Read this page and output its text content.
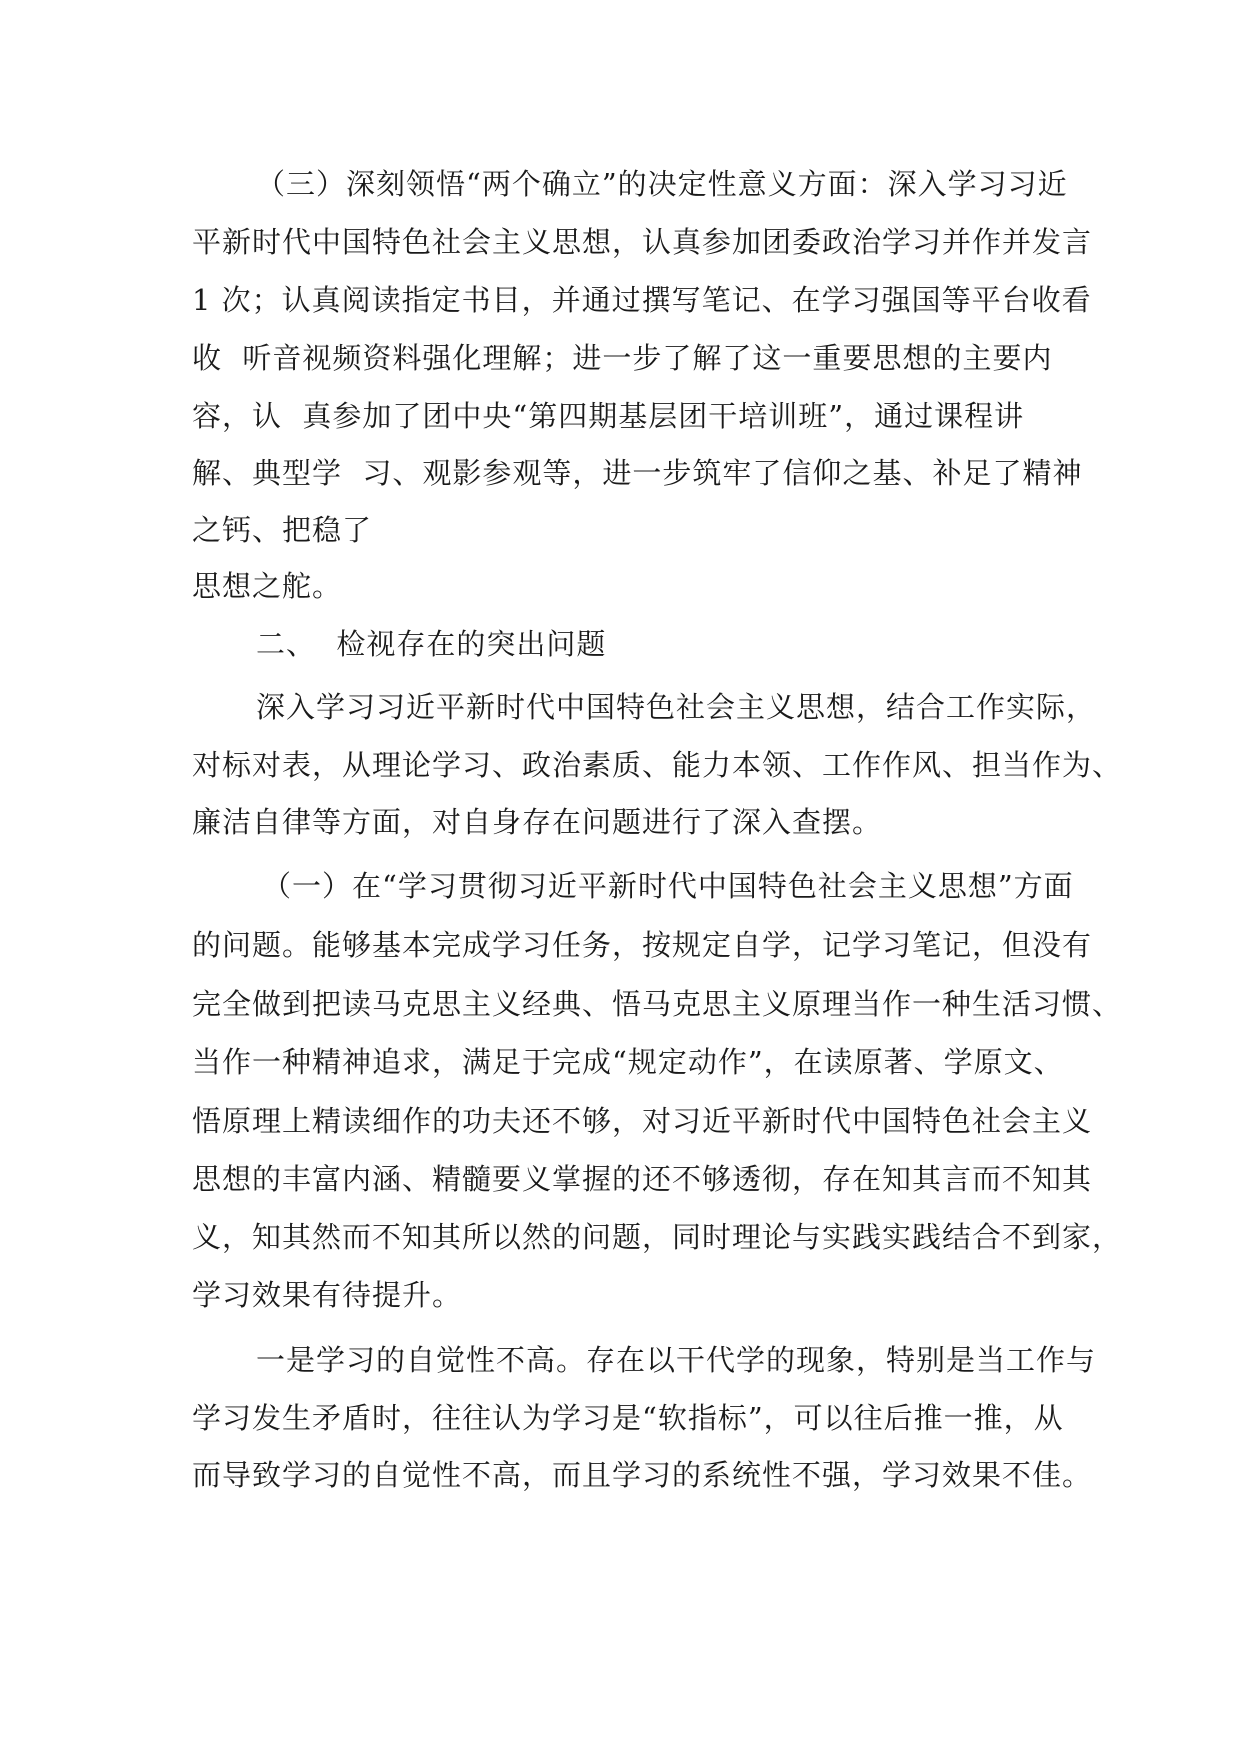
（三）深刻领悟“两个确立”的决定性意义方面：深入学习习近
平新时代中国特色社会主义思想，认真参加团委政治学习并作并发言
1 次；认真阅读指定书目，并通过撰写笔记、在学习强国等平台收看
收  听音视频资料强化理解；进一步了解了这一重要思想的主要内
容，认  真参加了团中央“第四期基层团干培训班”，通过课程讲
解、典型学  习、观影参观等，进一步筑牢了信仰之基、补足了精神
之钙、把稳了
思想之舵。
二、  检视存在的突出问题
深入学习习近平新时代中国特色社会主义思想，结合工作实际，
对标对表，从理论学习、政治素质、能力本领、工作作风、担当作为、
廉洁自律等方面，对自身存在问题进行了深入查摆。
（一）在“学习贯彻习近平新时代中国特色社会主义思想”方面
的问题。能够基本完成学习任务，按规定自学，记学习笔记，但没有
完全做到把读马克思主义经典、悟马克思主义原理当作一种生活习惯、
当作一种精神追求，满足于完成“规定动作”，在读原著、学原文、
悟原理上精读细作的功夫还不够，对习近平新时代中国特色社会主义
思想的丰富内涵、精髓要义掌握的还不够透彻，存在知其言而不知其
义，知其然而不知其所以然的问题，同时理论与实践实践结合不到家，
学习效果有待提升。
一是学习的自觉性不高。存在以干代学的现象，特别是当工作与
学习发生矛盾时，往往认为学习是“软指标”，可以往后推一推，从
而导致学习的自觉性不高，而且学习的系统性不强，学习效果不佳。
